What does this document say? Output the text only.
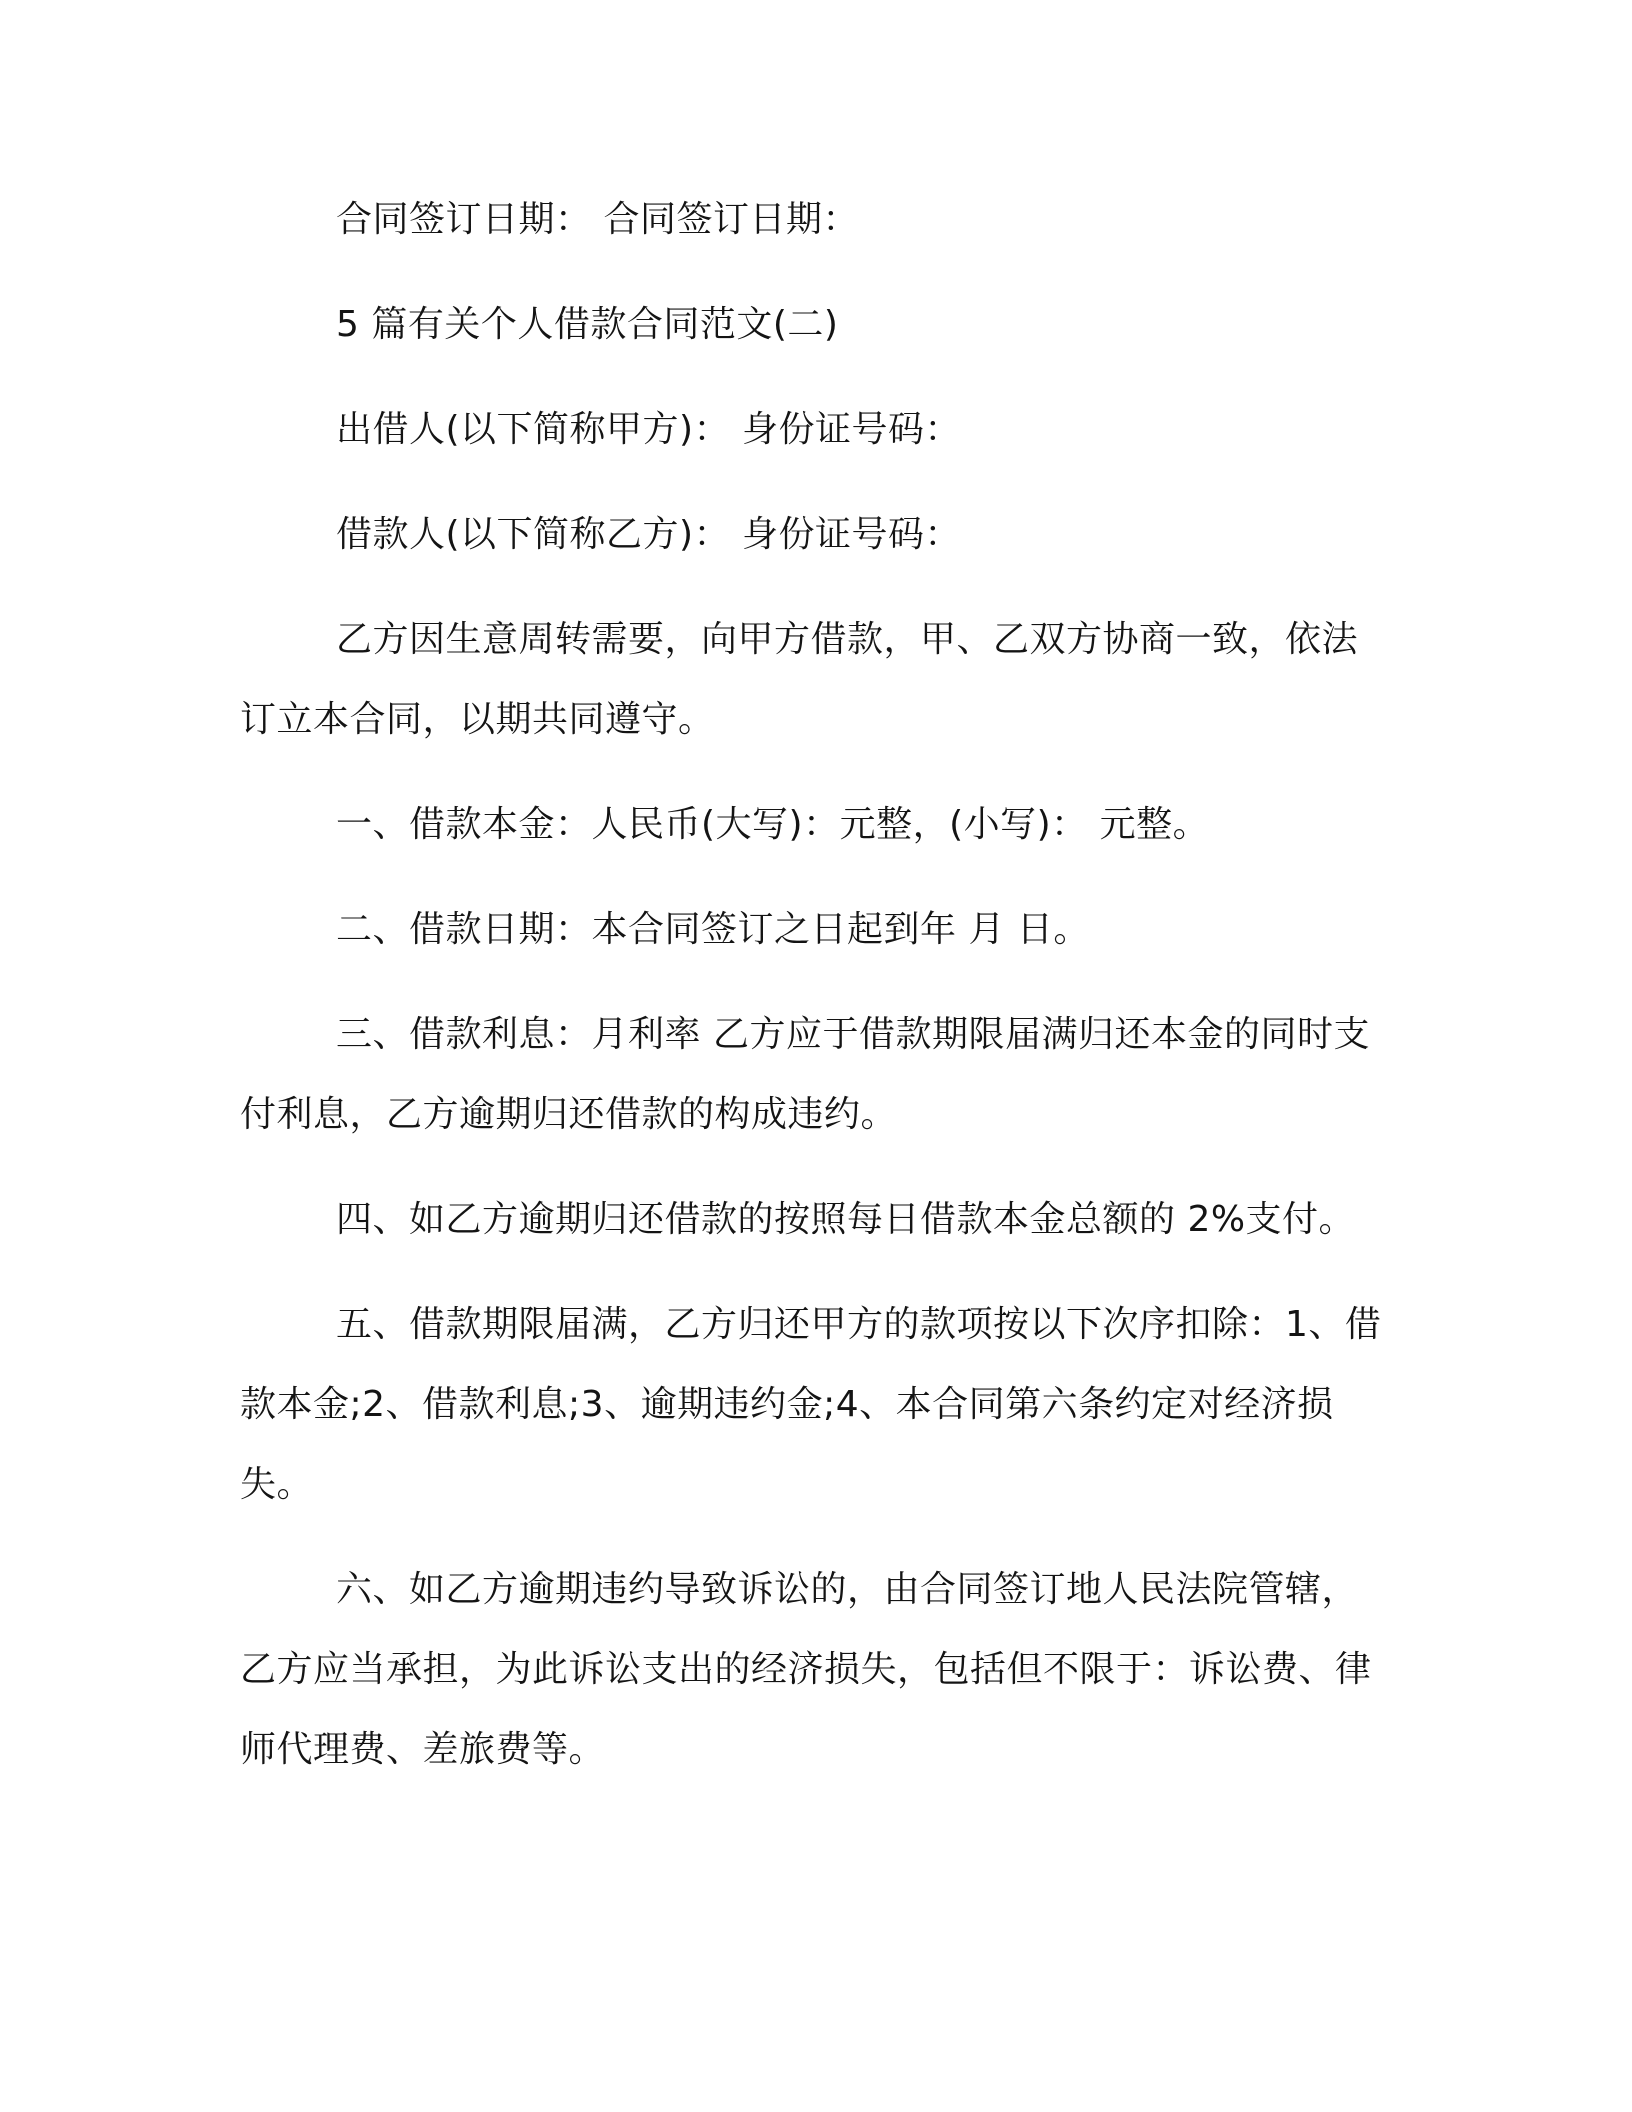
合同签订日期： 合同签订日期：

5 篇有关个人借款合同范文(二)

出借人(以下简称甲方)： 身份证号码：

借款人(以下简称乙方)： 身份证号码：

乙方因生意周转需要，向甲方借款，甲、乙双方协商一致，依法订立本合同，以期共同遵守。

一、借款本金：人民币(大写)：元整，(小写)： 元整。

二、借款日期：本合同签订之日起到年 月 日。

三、借款利息：月利率 乙方应于借款期限届满归还本金的同时支付利息，乙方逾期归还借款的构成违约。

四、如乙方逾期归还借款的按照每日借款本金总额的 2%支付。

五、借款期限届满，乙方归还甲方的款项按以下次序扣除：1、借款本金;2、借款利息;3、逾期违约金;4、本合同第六条约定对经济损失。

六、如乙方逾期违约导致诉讼的，由合同签订地人民法院管辖，乙方应当承担，为此诉讼支出的经济损失，包括但不限于：诉讼费、律师代理费、差旅费等。
